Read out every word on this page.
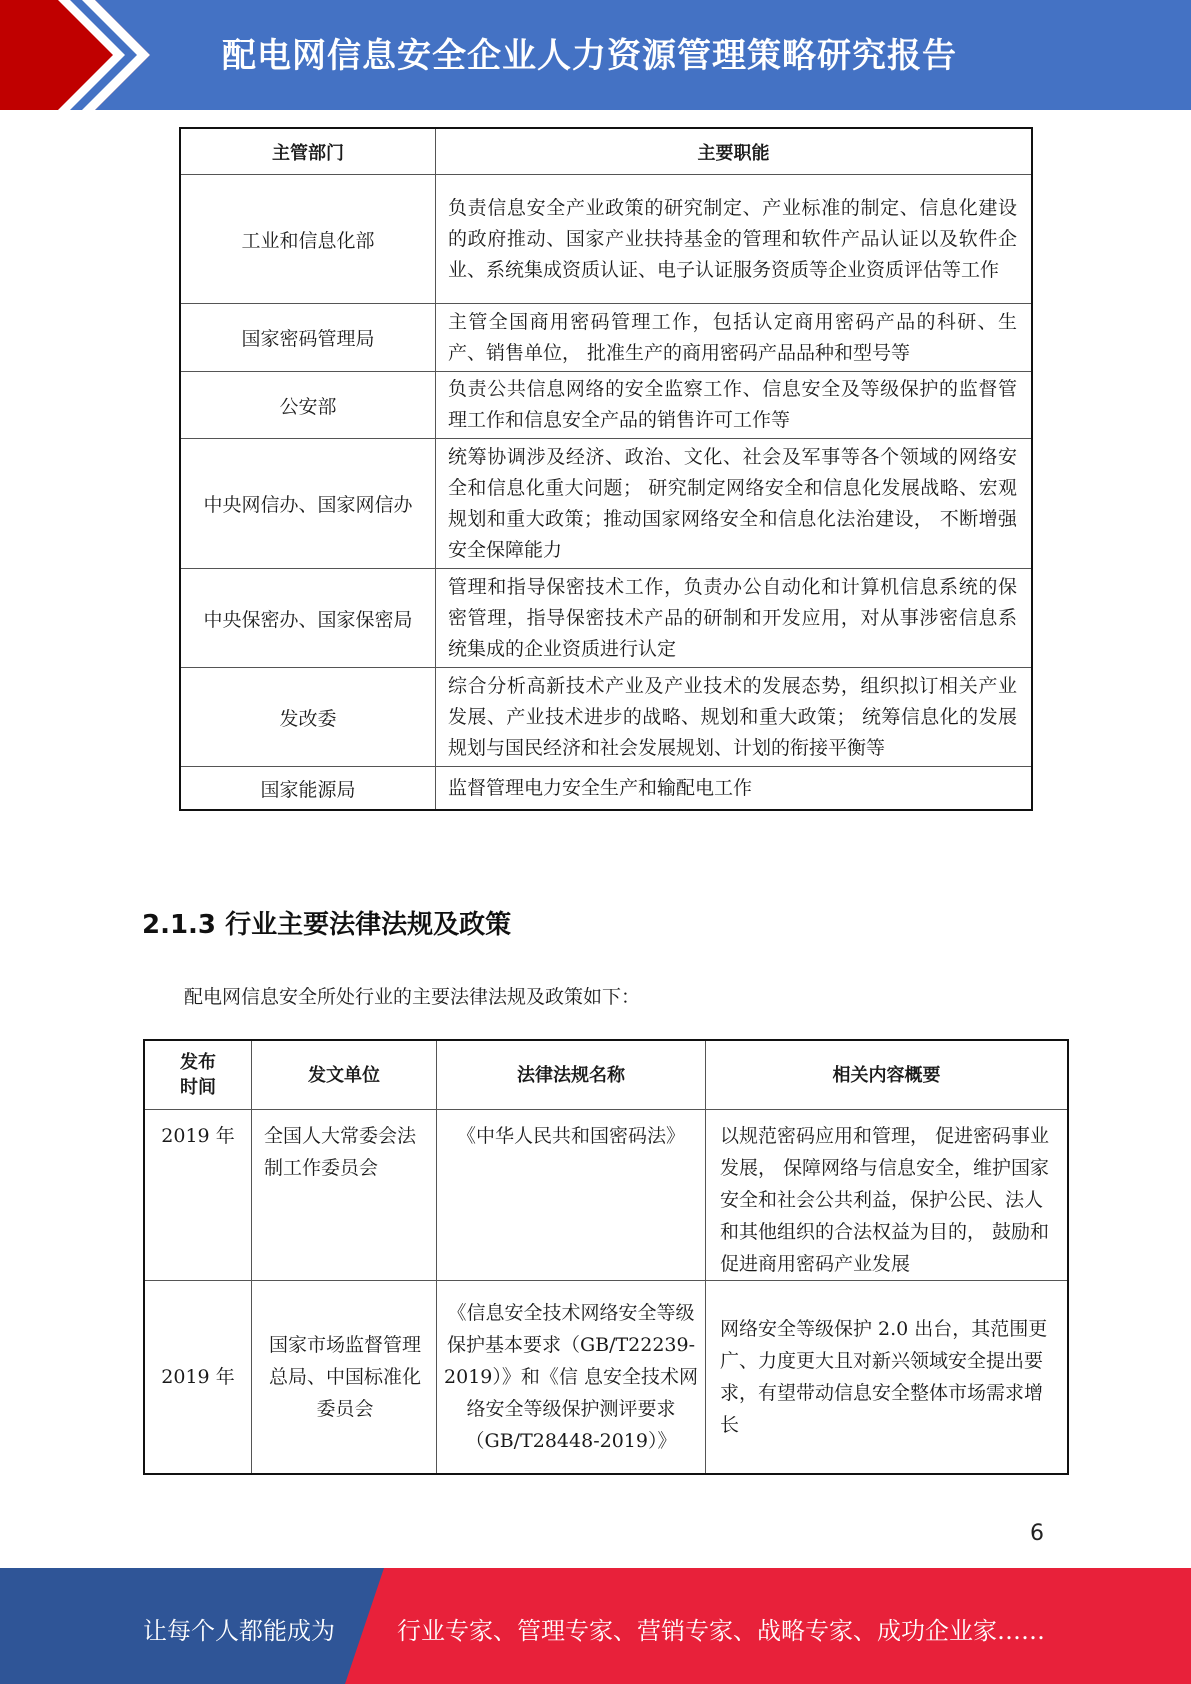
配电网信息安全企业人力资源管理策略研究报告
主管部门	主要职能
工业和信息化部	负责信息安全产业政策的研究制定、产业标准的制定、信息化建设的政府推动、国家产业扶持基金的管理和软件产品认证以及软件企业、系统集成资质认证、电子认证服务资质等企业资质评估等工作
国家密码管理局	主管全国商用密码管理工作，包括认定商用密码产品的科研、生产、销售单位， 批准生产的商用密码产品品种和型号等
公安部	负责公共信息网络的安全监察工作、信息安全及等级保护的监督管理工作和信息安全产品的销售许可工作等
中央网信办、国家网信办	统筹协调涉及经济、政治、文化、社会及军事等各个领域的网络安全和信息化重大问题； 研究制定网络安全和信息化发展战略、宏观规划和重大政策；推动国家网络安全和信息化法治建设， 不断增强安全保障能力
中央保密办、国家保密局	管理和指导保密技术工作，负责办公自动化和计算机信息系统的保密管理，指导保密技术产品的研制和开发应用，对从事涉密信息系统集成的企业资质进行认定
发改委	综合分析高新技术产业及产业技术的发展态势，组织拟订相关产业发展、产业技术进步的战略、规划和重大政策； 统筹信息化的发展规划与国民经济和社会发展规划、计划的衔接平衡等
国家能源局	监督管理电力安全生产和输配电工作
2.1.3 行业主要法律法规及政策
配电网信息安全所处行业的主要法律法规及政策如下：
发布
时间	发文单位	法律法规名称	相关内容概要
2019 年	全国人大常委会法制工作委员会	《中华人民共和国密码法》	以规范密码应用和管理， 促进密码事业发展， 保障网络与信息安全，维护国家 安全和社会公共利益，保护公民、法人 和其他组织的合法权益为目的， 鼓励和 促进商用密码产业发展
2019 年	国家市场监督管理总局、中国标准化委员会	《信息安全技术网络安全等级保护基本要求（GB/T22239-2019）》和《信 息安全技术网络安全等级保护测评要求（GB/T28448-2019）》	网络安全等级保护 2.0 出台，其范围更广、力度更大且对新兴领域安全提出要求，有望带动信息安全整体市场需求增长
6
让每个人都能成为	行业专家、管理专家、营销专家、战略专家、成功企业家……
